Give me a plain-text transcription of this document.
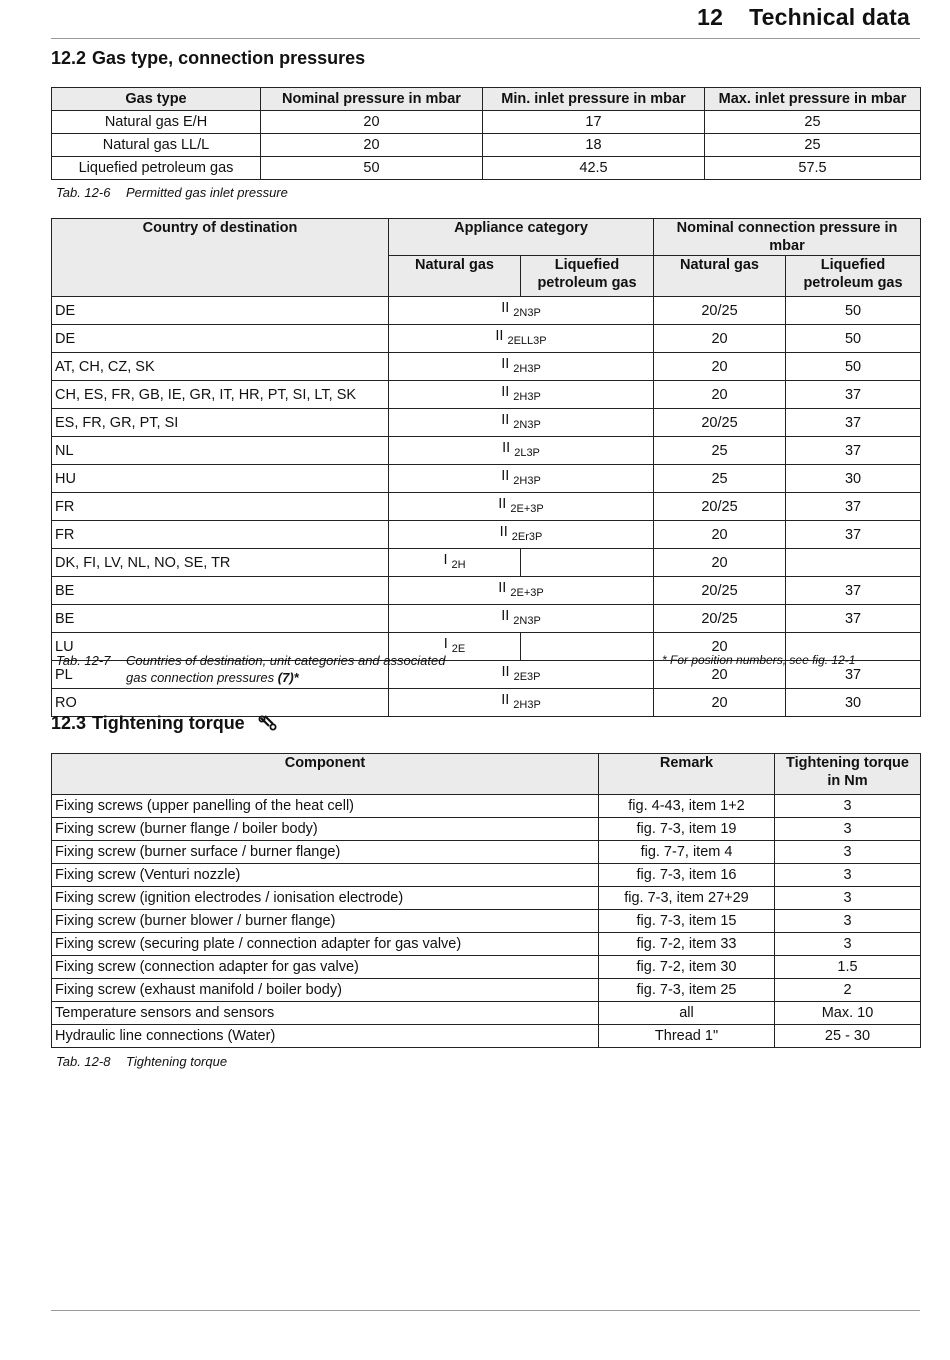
12 Technical data
12.2 Gas type, connection pressures
Gas type	Nominal pressure in mbar	Min. inlet pressure in mbar	Max. inlet pressure in mbar
Natural gas E/H	20	17	25
Natural gas LL/L	20	18	25
Liquefied petroleum gas	50	42.5	57.5
Tab. 12-6 Permitted gas inlet pressure
Country of destination	Appliance category		Nominal connection pressure in mbar	
	Natural gas	Liquefied petroleum gas	Natural gas	Liquefied petroleum gas
DE	II $_{2N3P}$		20/25	50
DE	II $_{2ELL3P}$		20	50
AT, CH, CZ, SK	II $_{2H3P}$		20	50
CH, ES, FR, GB, IE, GR, IT, HR, PT, SI, LT, SK	II $_{2H3P}$		20	37
ES, FR, GR, PT, SI	II $_{2N3P}$		20/25	37
NL	II $_{2L3P}$		25	37
HU	II $_{2H3P}$		25	30
FR	II $_{2E+3P}$		20/25	37
FR	II $_{2Er3P}$		20	37
DK, FI, LV, NL, NO, SE, TR	I $_{2H}$		20	
BE	II $_{2E+3P}$		20/25	37
BE	II $_{2N3P}$		20/25	37
LU	I $_{2E}$		20	
PL	II $_{2E3P}$		20	37
RO	II $_{2H3P}$		20	30
Tab. 12-7 Countries of destination, unit categories and associated
gas connection pressures (7)*
* For position numbers, see fig. 12-1
12.3 Tightening torque
Component	Remark	Tightening torque in Nm
Fixing screws (upper panelling of the heat cell)	fig. 4-43, item 1+2	3
Fixing screw (burner flange / boiler body)	fig. 7-3, item 19	3
Fixing screw (burner surface / burner flange)	fig. 7-7, item 4	3
Fixing screw (Venturi nozzle)	fig. 7-3, item 16	3
Fixing screw (ignition electrodes / ionisation electrode)	fig. 7-3, item 27+29	3
Fixing screw (burner blower / burner flange)	fig. 7-3, item 15	3
Fixing screw (securing plate / connection adapter for gas valve)	fig. 7-2, item 33	3
Fixing screw (connection adapter for gas valve)	fig. 7-2, item 30	1.5
Fixing screw (exhaust manifold / boiler body)	fig. 7-3, item 25	2
Temperature sensors and sensors	all	Max. 10
Hydraulic line connections (Water)	Thread 1"	25 - 30
Tab. 12-8 Tightening torque
